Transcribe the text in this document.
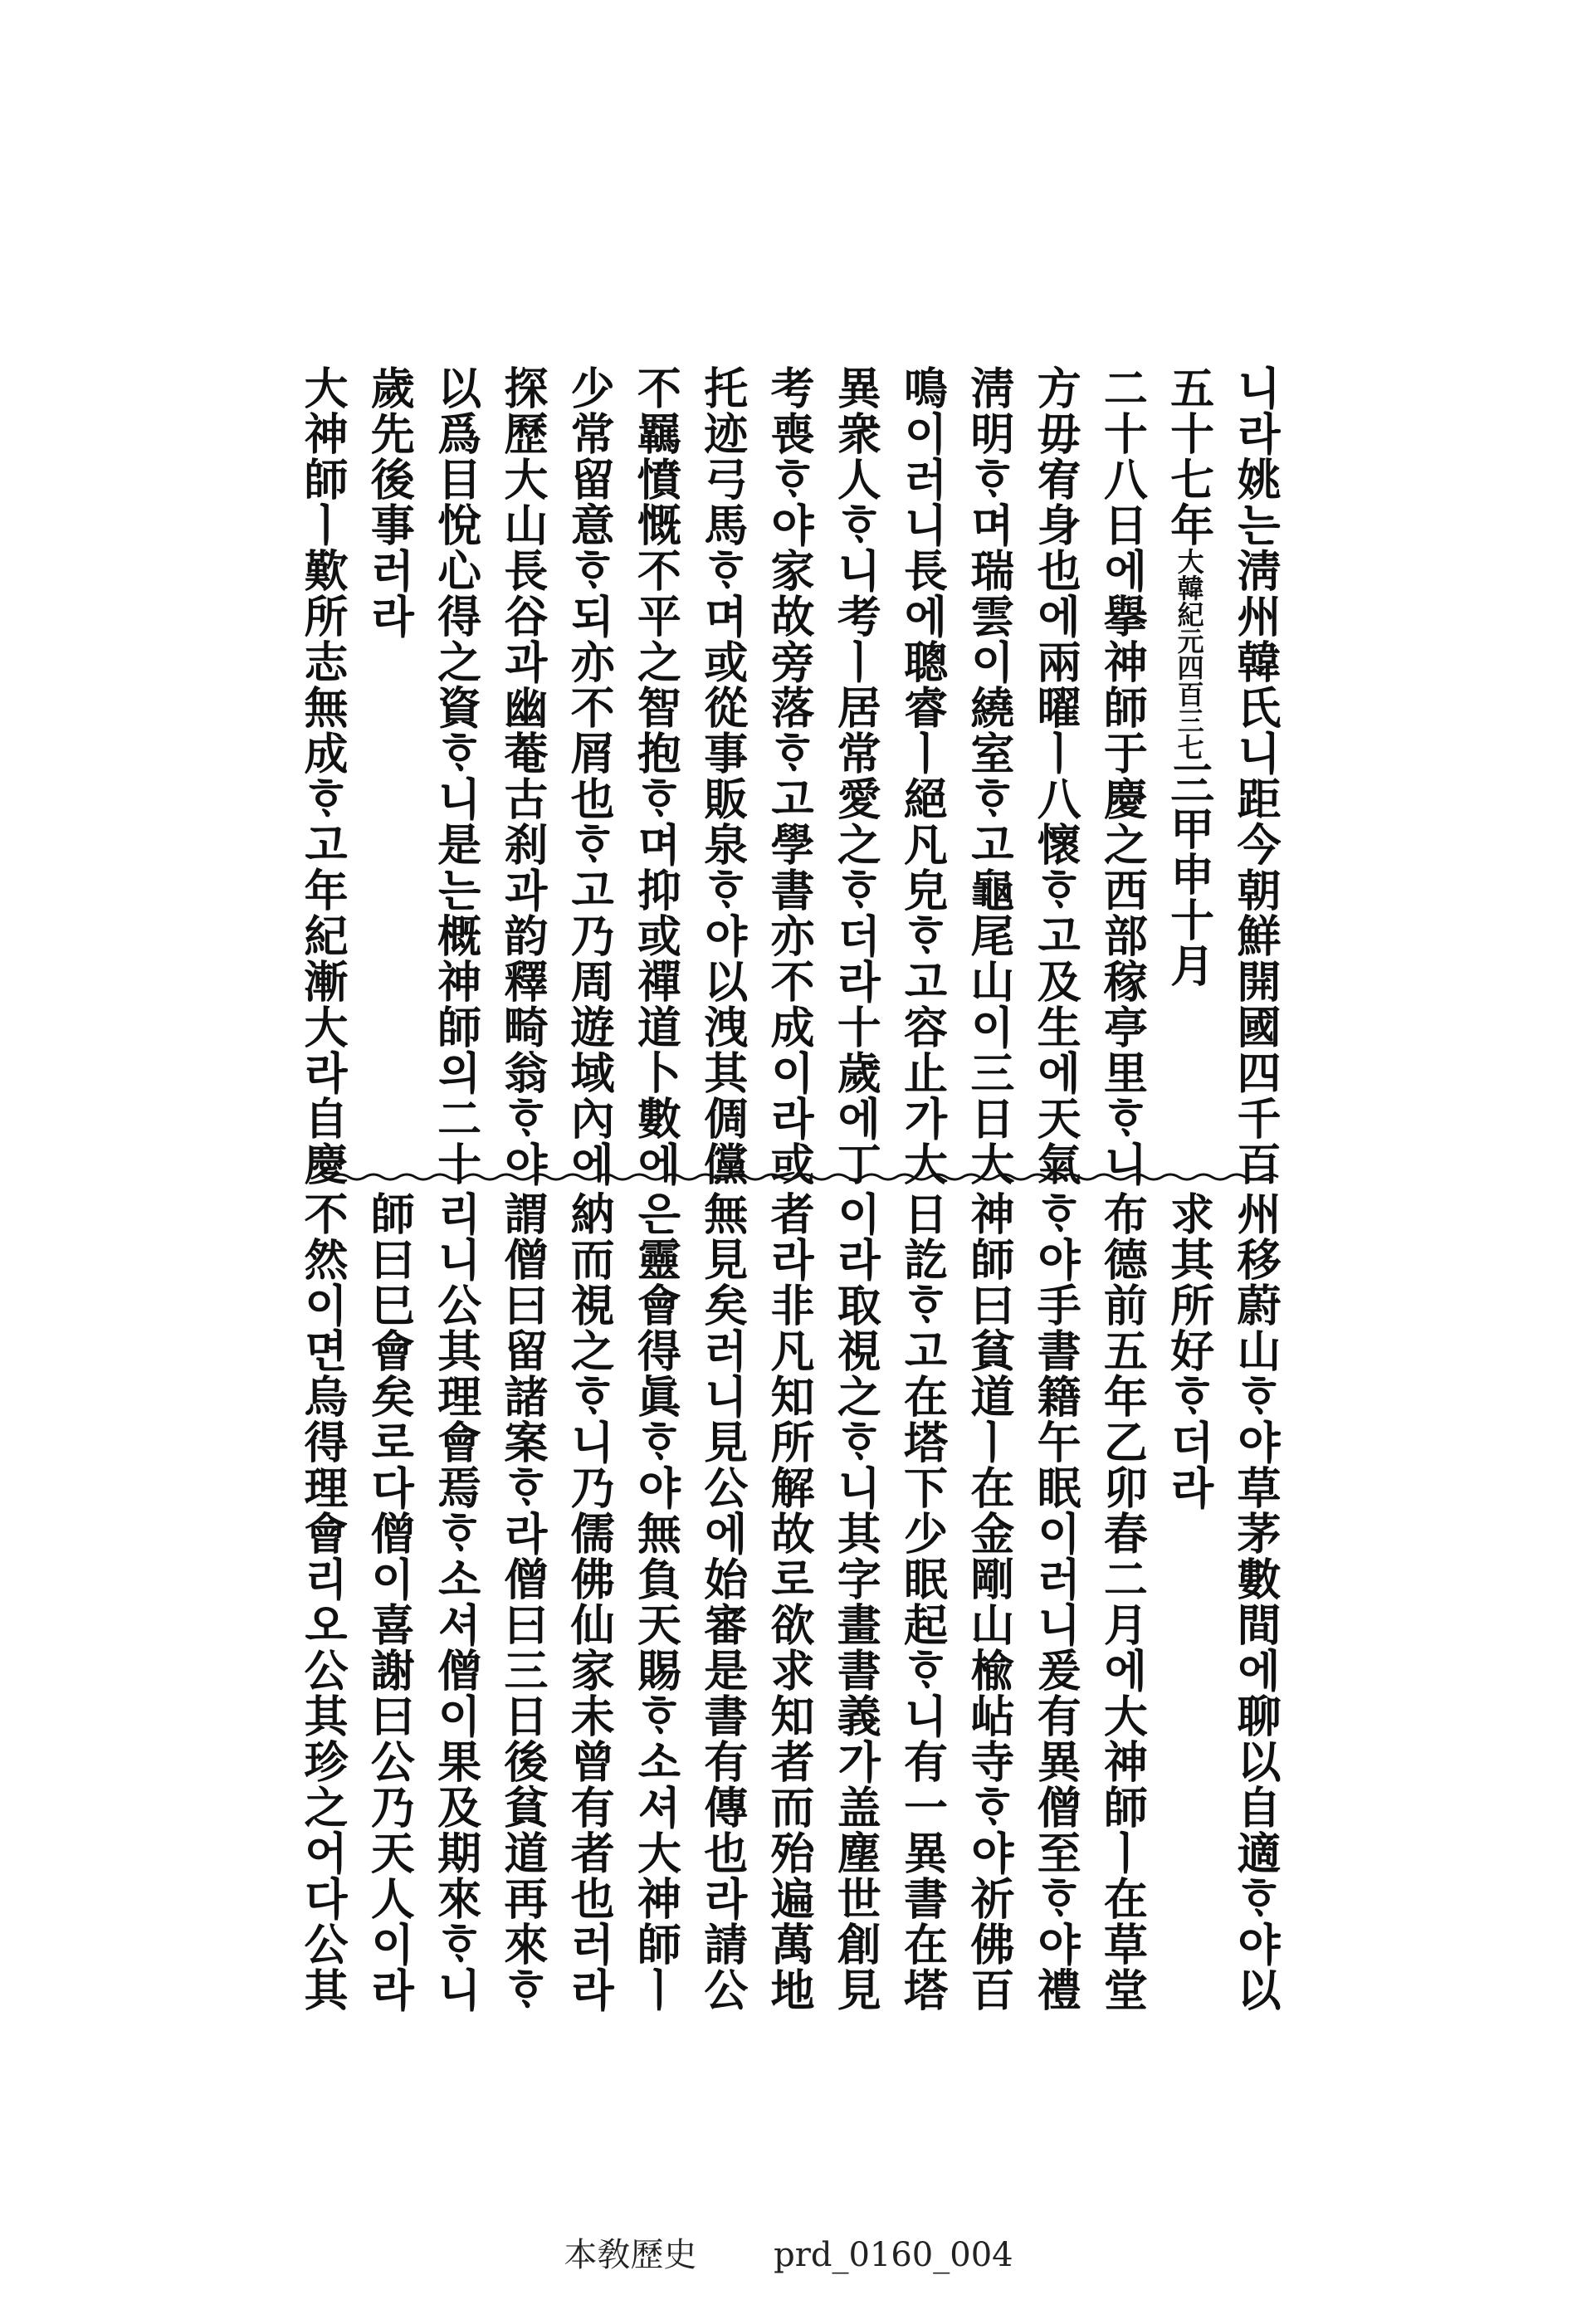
니라姚는淸州韓氏니距今朝鮮開國四千百
五十七年大韓紀元四百三七三甲申十月
二十八日에擧神師于慶之西部稼亭里ᄒᆞ니
方毋宥身也에兩曜ㅣ八懷ᄒᆞ고及生에天氣
淸明ᄒᆞ며瑞雲이繞室ᄒᆞ고龜尾山이三日大
鳴이러니長에聰睿ㅣ絕凡皃ᄒᆞ고容止가大
異衆人ᄒᆞ니考ㅣ居常愛之ᄒᆞ더라十歲에丁
考喪ᄒᆞ야家故旁落ᄒᆞ고學書亦不成이라或
托迹弓馬ᄒᆞ며或從事販泉ᄒᆞ야以洩其倜儻
不羈憤慨不平之智抱ᄒᆞ며抑或禪道卜數에
少常留意ᄒᆞ되亦不屑也ᄒᆞ고乃周遊域內에
探歷大山長谷과幽菴古刹과韵釋畸翁ᄒᆞ야
以爲目悅心得之資ᄒᆞ니是는概神師의二十
歲先後事러라
大神師ㅣ歎所志無成ᄒᆞ고年紀漸大라自慶
州移蔚山ᄒᆞ야草茅數間에聊以自適ᄒᆞ야以
求其所好ᄒᆞ더라
布德前五年乙卯春二月에大神師ㅣ在草堂
ᄒᆞ야手書籍午眠이러니爰有異僧至ᄒᆞ야禮
神師曰貧道ㅣ在金剛山楡岾寺ᄒᆞ야祈佛百
日訖ᄒᆞ고在塔下少眠起ᄒᆞ니有一異書在塔
이라取視之ᄒᆞ니其字畫書義가盖塵世創見
者라非凡知所解故로欲求知者而殆遍萬地
無見矣러니見公에始審是書有傳也라請公
은靈會得眞ᄒᆞ야無負天賜ᄒᆞ소셔大神師ㅣ
納而視之ᄒᆞ니乃儒佛仙家未曾有者也러라
謂僧曰留諸案ᄒᆞ라僧曰三日後貧道再來ᄒᆞ
리니公其理會焉ᄒᆞ소셔僧이果及期來ᄒᆞ니
師曰巳會矣로다僧이喜謝曰公乃天人이라
不然이면烏得理會리오公其珍之어다公其
本敎歷史 prd_0160_004
